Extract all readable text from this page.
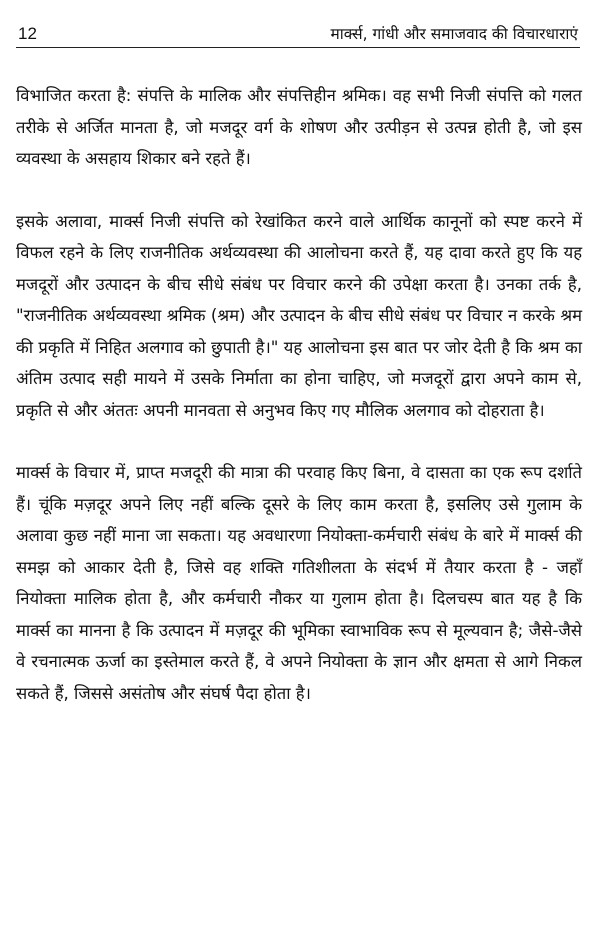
12	मार्क्स, गांधी और समाजवाद की विचारधाराएं

विभाजित करता है: संपत्ति के मालिक और संपत्तिहीन श्रमिक। वह सभी निजी संपत्ति को गलत तरीके से अर्जित मानता है, जो मजदूर वर्ग के शोषण और उत्पीड़न से उत्पन्न होती है, जो इस व्यवस्था के असहाय शिकार बने रहते हैं।

इसके अलावा, मार्क्स निजी संपत्ति को रेखांकित करने वाले आर्थिक कानूनों को स्पष्ट करने में विफल रहने के लिए राजनीतिक अर्थव्यवस्था की आलोचना करते हैं, यह दावा करते हुए कि यह मजदूरों और उत्पादन के बीच सीधे संबंध पर विचार करने की उपेक्षा करता है। उनका तर्क है, "राजनीतिक अर्थव्यवस्था श्रमिक (श्रम) और उत्पादन के बीच सीधे संबंध पर विचार न करके श्रम की प्रकृति में निहित अलगाव को छुपाती है।" यह आलोचना इस बात पर जोर देती है कि श्रम का अंतिम उत्पाद सही मायने में उसके निर्माता का होना चाहिए, जो मजदूरों द्वारा अपने काम से, प्रकृति से और अंततः अपनी मानवता से अनुभव किए गए मौलिक अलगाव को दोहराता है।

मार्क्स के विचार में, प्राप्त मजदूरी की मात्रा की परवाह किए बिना, वे दासता का एक रूप दर्शाते हैं। चूंकि मज़दूर अपने लिए नहीं बल्कि दूसरे के लिए काम करता है, इसलिए उसे गुलाम के अलावा कुछ नहीं माना जा सकता। यह अवधारणा नियोक्ता-कर्मचारी संबंध के बारे में मार्क्स की समझ को आकार देती है, जिसे वह शक्ति गतिशीलता के संदर्भ में तैयार करता है - जहाँ नियोक्ता मालिक होता है, और कर्मचारी नौकर या गुलाम होता है। दिलचस्प बात यह है कि मार्क्स का मानना है कि उत्पादन में मज़दूर की भूमिका स्वाभाविक रूप से मूल्यवान है; जैसे-जैसे वे रचनात्मक ऊर्जा का इस्तेमाल करते हैं, वे अपने नियोक्ता के ज्ञान और क्षमता से आगे निकल सकते हैं, जिससे असंतोष और संघर्ष पैदा होता है।
